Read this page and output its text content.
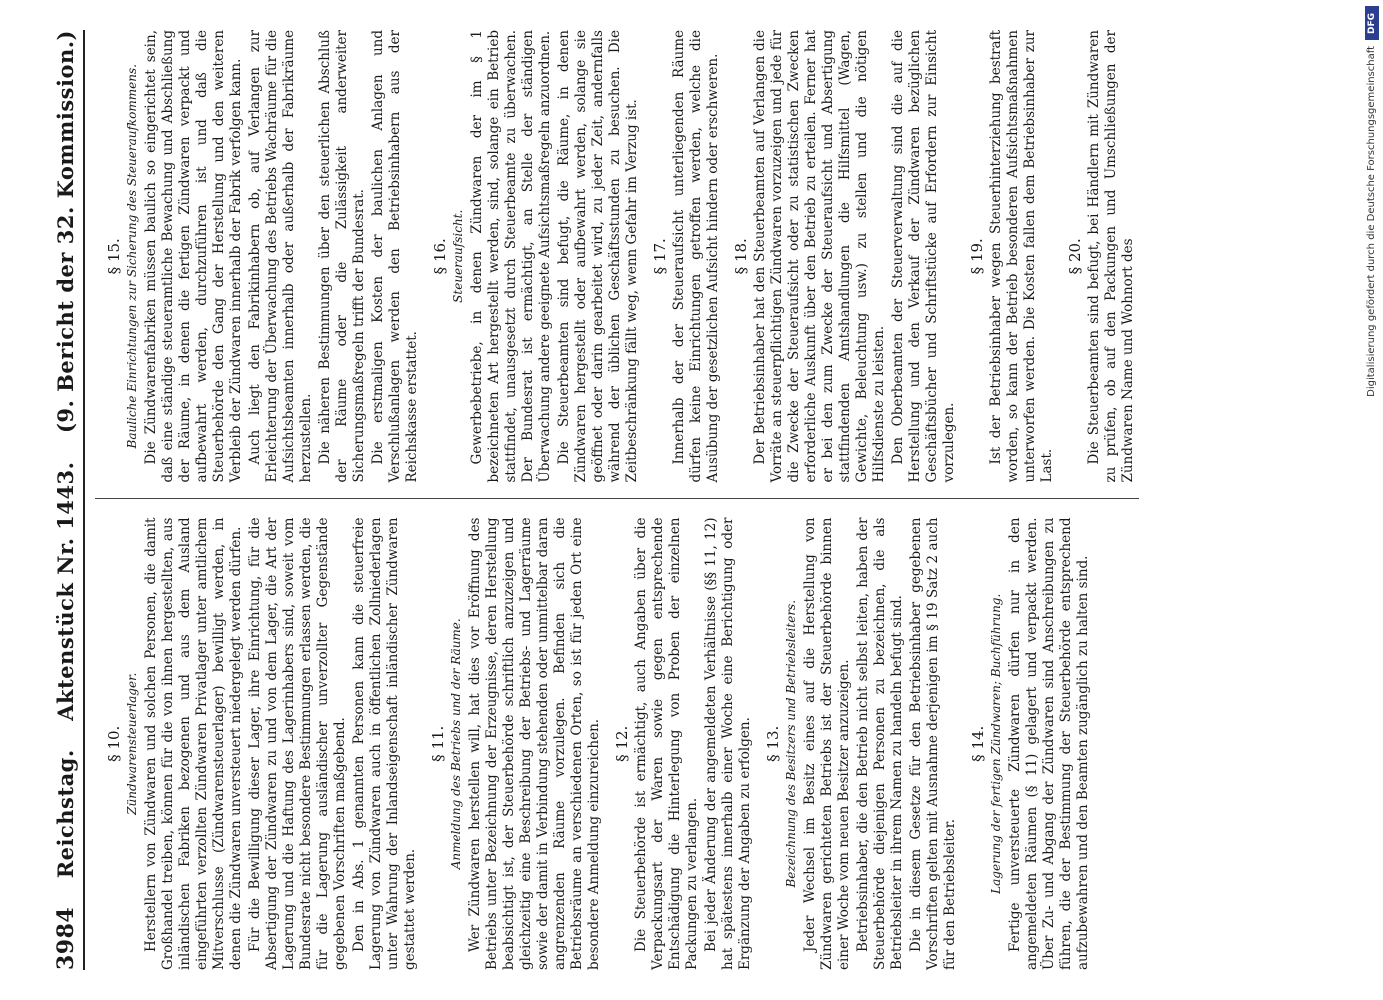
3984
Reichstag.
Aktenstück Nr. 1443.
(9. Bericht der 32. Kommission.)
§ 10. Zündwarensteuerlager. Herstellern von Zündwaren und solchen Personen, die damit Großhandel treiben, können für die von ihnen hergestellten, aus inländischen Fabriken bezogenen und aus dem Ausland eingeführten verzollten Zündwaren Privatlager unter amtlichem Mitverschlusse (Zündwarensteuerlager) bewilligt werden, in denen die Zündwaren unversteuert niedergelegt werden dürfen. Für die Bewilligung dieser Lager, ihre Einrichtung, für die Absertigung der Zündwaren zu und von dem Lager, die Art der Lagerung und die Haftung des Lagerinhabers sind, soweit vom Bundesrate nicht besondere Bestimmungen erlassen werden, die für die Lagerung ausländischer unverzollter Gegenstände gegebenen Vorschriften maßgebend. Den in Abs. 1 genannten Personen kann die steuerfreie Lagerung von Zündwaren auch in öffentlichen Zollniederlagen unter Wahrung der Inlandseigenschaft inländischer Zündwaren gestattet werden.

§ 11. Anmeldung des Betriebs und der Räume. Wer Zündwaren herstellen will, hat dies vor Eröffnung des Betriebs unter Bezeichnung der Erzeugnisse, deren Herstellung beabsichtigt ist, der Steuerbehörde schriftlich anzuzeigen und gleichzeitig eine Beschreibung der Betriebs- und Lagerräume sowie der damit in Verbindung stehenden oder unmittelbar daran angrenzenden Räume vorzulegen. Befinden sich die Betriebsräume an verschiedenen Orten, so ist für jeden Ort eine besondere Anmeldung einzureichen. § 12. Die Steuerbehörde ist ermächtigt, auch Angaben über die Verpackungsart der Waren sowie gegen entsprechende Entschädigung die Hinterlegung von Proben der einzelnen Packungen zu verlangen. Bei jeder Änderung der angemeldeten Verhältnisse (§§ 11, 12) hat spätestens innerhalb einer Woche eine Berichtigung oder Ergänzung der Angaben zu erfolgen. § 13. Bezeichnung des Besitzers und Betriebsleiters. Jeder Wechsel im Besitz eines auf die Herstellung von Zündwaren gerichteten Betriebs ist der Steuerbehörde binnen einer Woche vom neuen Besitzer anzuzeigen. Betriebsinhaber, die den Betrieb nicht selbst leiten, haben der Steuerbehörde diejenigen Personen zu bezeichnen, die als Betriebsleiter in ihrem Namen zu handeln befugt sind. Die in diesem Gesetze für den Betriebsinhaber gegebenen Vorschriften gelten mit Ausnahme derjenigen im § 19 Satz 2 auch für den Betriebsleiter.

§ 14. Lagerung der fertigen Zündwaren; Buchführung. Fertige unversteuerte Zündwaren dürfen nur in den angemeldeten Räumen (§ 11) gelagert und verpackt werden. Über Zu- und Abgang der Zündwaren sind Anschreibungen zu führen, die der Bestimmung der Steuerbehörde entsprechend aufzubewahren und den Beamten zugänglich zu halten sind.

§ 15. Bauliche Einrichtungen zur Sicherung des Steueraufkommens. Die Zündwarenfabriken müssen baulich so eingerichtet sein, daß eine ständige steueramtliche Bewachung und Abschließung der Räume, in denen die fertigen Zündwaren verpackt und aufbewahrt werden, durchzuführen ist und daß die Steuerbehörde den Gang der Herstellung und den weiteren Verbleib der Zündwaren innerhalb der Fabrik verfolgen kann. Auch liegt den Fabrikinhabern ob, auf Verlangen zur Erleichterung der Überwachung des Betriebs Wachräume für die Aufsichtsbeamten innerhalb oder außerhalb der Fabrikräume herzustellen. Die näheren Bestimmungen über den steuerlichen Abschluß der Räume oder die Zulässigkeit anderweiter Sicherungsmaßregeln trifft der Bundesrat. Die erstmaligen Kosten der baulichen Anlagen und Verschlußanlagen werden den Betriebsinhabern aus der Reichskasse erstattet.

§ 16. Steueraufsicht. Gewerbebetriebe, in denen Zündwaren der im § 1 bezeichneten Art hergestellt werden, sind, solange ein Betrieb stattfindet, unausgesetzt durch Steuerbeamte zu überwachen. Der Bundesrat ist ermächtigt, an Stelle der ständigen Überwachung andere geeignete Aufsichtsmaßregeln anzuordnen. Die Steuerbeamten sind befugt, die Räume, in denen Zündwaren hergestellt oder aufbewahrt werden, solange sie geöffnet oder darin gearbeitet wird, zu jeder Zeit, andernfalls während der üblichen Geschäftsstunden zu besuchen. Die Zeitbeschränkung fällt weg, wenn Gefahr im Verzug ist. § 17. Innerhalb der der Steueraufsicht unterliegenden Räume dürfen keine Einrichtungen getroffen werden, welche die Ausübung der gesetzlichen Aufsicht hindern oder erschweren. § 18. Der Betriebsinhaber hat den Steuerbeamten auf Verlangen die Vorräte an steuerpflichtigen Zündwaren vorzuzeigen und jede für die Zwecke der Steueraufsicht oder zu statistischen Zwecken erforderliche Auskunft über den Betrieb zu erteilen. Ferner hat er bei den zum Zwecke der Steueraufsicht und Absertigung stattfindenden Amtshandlungen die Hilfsmittel (Wagen, Gewichte, Beleuchtung usw.) zu stellen und die nötigen Hilfsdienste zu leisten. Den Oberbeamten der Steuerverwaltung sind die auf die Herstellung und den Verkauf der Zündwaren bezüglichen Geschäftsbücher und Schriftstücke auf Erfordern zur Einsicht vorzulegen.

§ 19. Ist der Betriebsinhaber wegen Steuerhinterziehung bestraft worden, so kann der Betrieb besonderen Aufsichtsmaßnahmen unterworfen werden. Die Kosten fallen dem Betriebsinhaber zur Last.

§ 20. Die Steuerbeamten sind befugt, bei Händlern mit Zündwaren zu prüfen, ob auf den Packungen und Umschließungen der Zündwaren Name und Wohnort des

DFG
Digitalisierung gefördert durch die Deutsche Forschungsgemeinschaft
